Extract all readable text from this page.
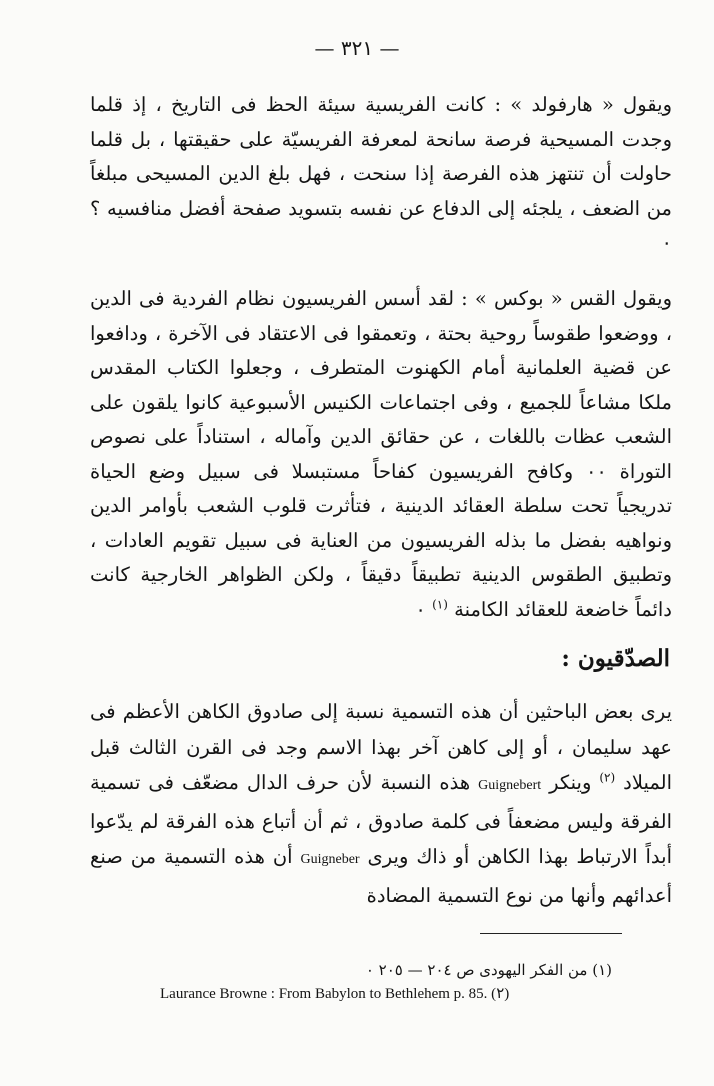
— ٣٢١ —

ويقول « هارفولد » : كانت الفريسية سيئة الحظ فى التاريخ ، إذ قلما وجدت المسيحية فرصة سانحة لمعرفة الفريسيّة على حقيقتها ، بل قلما حاولت أن تنتهز هذه الفرصة إذا سنحت ، فهل بلغ الدين المسيحى مبلغاً من الضعف ، يلجئه إلى الدفاع عن نفسه بتسويد صفحة أفضل منافسيه ؟ ٠

ويقول القس « بوكس » : لقد أسس الفريسيون نظام الفردية فى الدين ، ووضعوا طقوساً روحية بحتة ، وتعمقوا فى الاعتقاد فى الآخرة ، ودافعوا عن قضية العلمانية أمام الكهنوت المتطرف ، وجعلوا الكتاب المقدس ملكا مشاعاً للجميع ، وفى اجتماعات الكنيس الأسبوعية كانوا يلقون على الشعب عظات باللغات ، عن حقائق الدين وآماله ، استناداً على نصوص التوراة ٠٠ وكافح الفريسيون كفاحاً مستبسلا فى سبيل وضع الحياة تدريجياً تحت سلطة العقائد الدينية ، فتأثرت قلوب الشعب بأوامر الدين ونواهيه بفضل ما بذله الفريسيون من العناية فى سبيل تقويم العادات ، وتطبيق الطقوس الدينية تطبيقاً دقيقاً ، ولكن الظواهر الخارجية كانت دائماً خاضعة للعقائد الكامنة $^{(١)}$ ٠

الصدّقيون :

يرى بعض الباحثين أن هذه التسمية نسبة إلى صادوق الكاهن الأعظم فى عهد سليمان ، أو إلى كاهن آخر بهذا الاسم وجد فى القرن الثالث قبل الميلاد $^{(٢)}$ وينكر Guignebert هذه النسبة لأن حرف الدال مضعّف فى تسمية الفرقة وليس مضعفاً فى كلمة صادوق ، ثم أن أتباع هذه الفرقة لم يدّعوا أبداً الارتباط بهذا الكاهن أو ذاك ويرى Guigneber أن هذه التسمية من صنع أعدائهم وأنها من نوع التسمية المضادة

(١) من الفكر اليهودى ص ٢٠٤ — ٢٠٥ ٠

Laurance Browne : From Babylon to Bethlehem p. 85. (٢)
